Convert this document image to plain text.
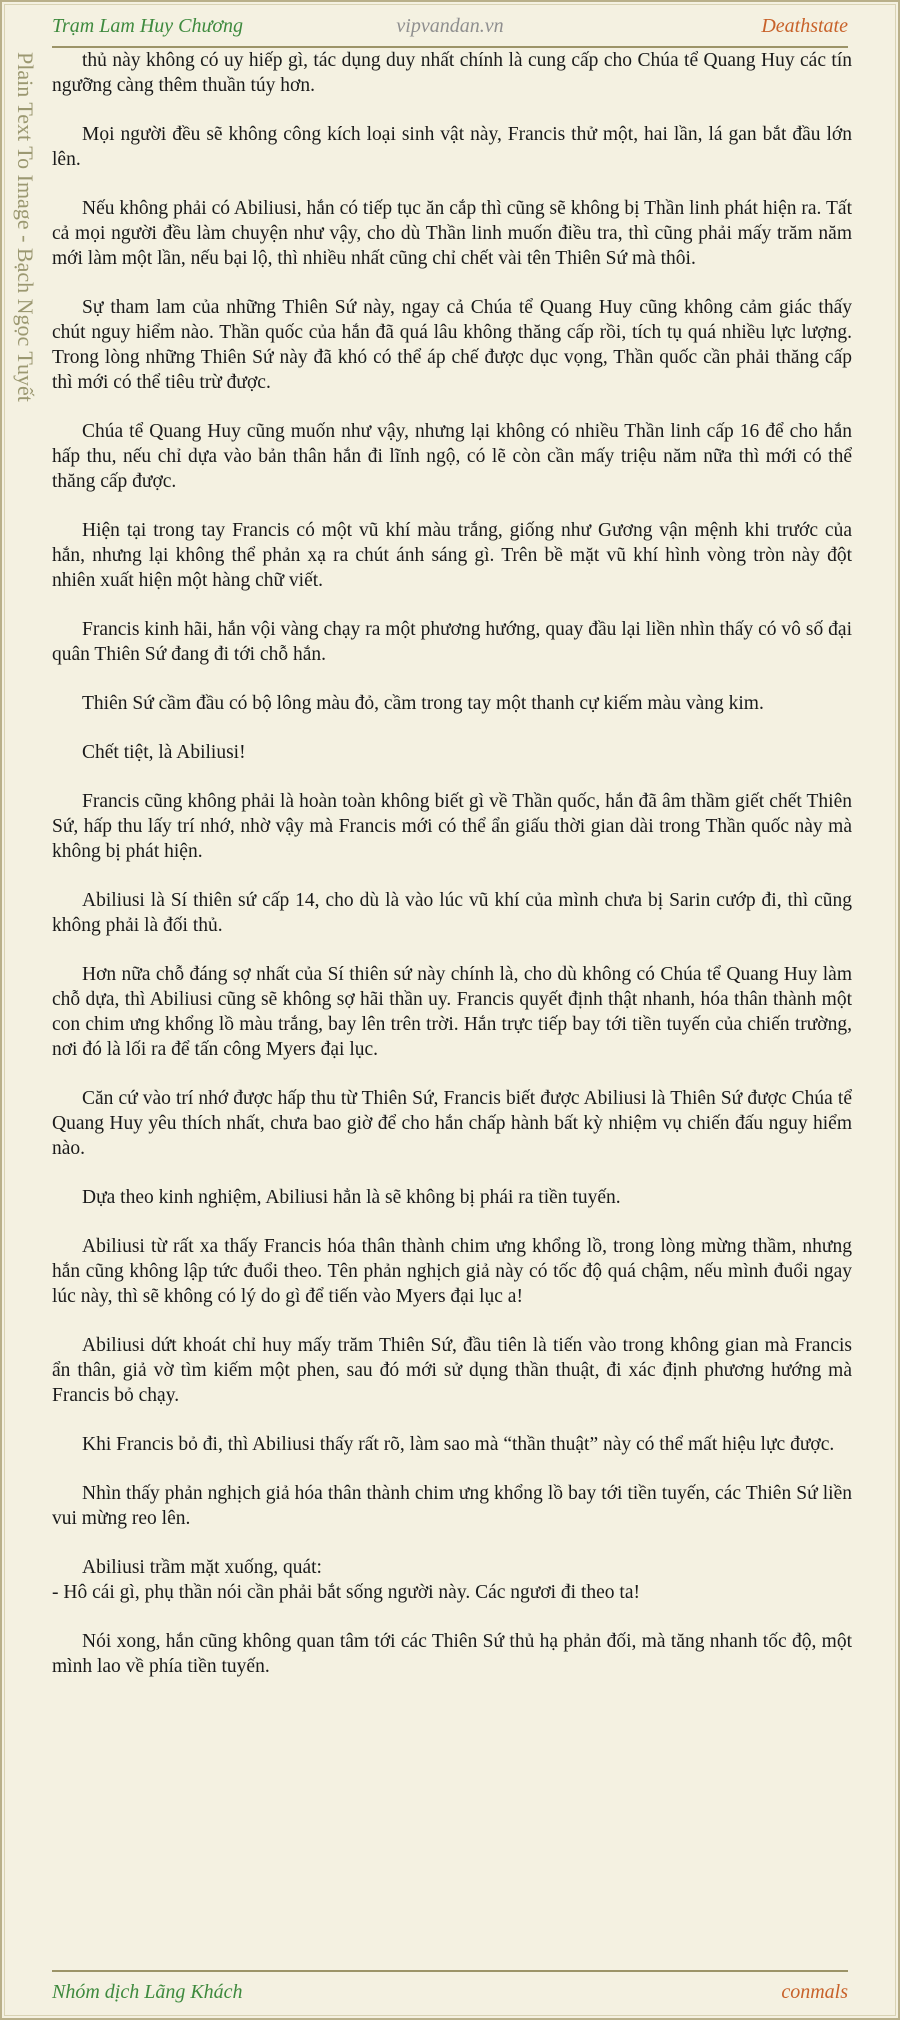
Trạm Lam Huy Chương	vipvandan.vn	Deathstate
Plain Text To Image - Bạch Ngọc Tuyết	thủ này không có uy hiếp gì, tác dụng duy nhất chính là cung cấp cho Chúa tể Quang Huy các tín ngưỡng càng thêm thuần túy hơn.

Mọi người đều sẽ không công kích loại sinh vật này, Francis thử một, hai lần, lá gan bắt đầu lớn lên.

Nếu không phải có Abiliusi, hắn có tiếp tục ăn cắp thì cũng sẽ không bị Thần linh phát hiện ra. Tất cả mọi người đều làm chuyện như vậy, cho dù Thần linh muốn điều tra, thì cũng phải mấy trăm năm mới làm một lần, nếu bại lộ, thì nhiều nhất cũng chỉ chết vài tên Thiên Sứ mà thôi.

Sự tham lam của những Thiên Sứ này, ngay cả Chúa tể Quang Huy cũng không cảm giác thấy chút nguy hiểm nào. Thần quốc của hắn đã quá lâu không thăng cấp rồi, tích tụ quá nhiều lực lượng. Trong lòng những Thiên Sứ này đã khó có thể áp chế được dục vọng, Thần quốc cần phải thăng cấp thì mới có thể tiêu trừ được.

Chúa tể Quang Huy cũng muốn như vậy, nhưng lại không có nhiều Thần linh cấp 16 để cho hắn hấp thu, nếu chỉ dựa vào bản thân hắn đi lĩnh ngộ, có lẽ còn cần mấy triệu năm nữa thì mới có thể thăng cấp được.

Hiện tại trong tay Francis có một vũ khí màu trắng, giống như Gương vận mệnh khi trước của hắn, nhưng lại không thể phản xạ ra chút ánh sáng gì. Trên bề mặt vũ khí hình vòng tròn này đột nhiên xuất hiện một hàng chữ viết.

Francis kinh hãi, hắn vội vàng chạy ra một phương hướng, quay đầu lại liền nhìn thấy có vô số đại quân Thiên Sứ đang đi tới chỗ hắn.

Thiên Sứ cầm đầu có bộ lông màu đỏ, cầm trong tay một thanh cự kiếm màu vàng kim.

Chết tiệt, là Abiliusi!

Francis cũng không phải là hoàn toàn không biết gì về Thần quốc, hắn đã âm thầm giết chết Thiên Sứ, hấp thu lấy trí nhớ, nhờ vậy mà Francis mới có thể ẩn giấu thời gian dài trong Thần quốc này mà không bị phát hiện.

Abiliusi là Sí thiên sứ cấp 14, cho dù là vào lúc vũ khí của mình chưa bị Sarin cướp đi, thì cũng không phải là đối thủ.

Hơn nữa chỗ đáng sợ nhất của Sí thiên sứ này chính là, cho dù không có Chúa tể Quang Huy làm chỗ dựa, thì Abiliusi cũng sẽ không sợ hãi thần uy. Francis quyết định thật nhanh, hóa thân thành một con chim ưng khổng lồ màu trắng, bay lên trên trời. Hắn trực tiếp bay tới tiền tuyến của chiến trường, nơi đó là lối ra để tấn công Myers đại lục.

Căn cứ vào trí nhớ được hấp thu từ Thiên Sứ, Francis biết được Abiliusi là Thiên Sứ được Chúa tể Quang Huy yêu thích nhất, chưa bao giờ để cho hắn chấp hành bất kỳ nhiệm vụ chiến đấu nguy hiểm nào.

Dựa theo kinh nghiệm, Abiliusi hẳn là sẽ không bị phái ra tiền tuyến.

Abiliusi từ rất xa thấy Francis hóa thân thành chim ưng khổng lồ, trong lòng mừng thầm, nhưng hắn cũng không lập tức đuổi theo. Tên phản nghịch giả này có tốc độ quá chậm, nếu mình đuổi ngay lúc này, thì sẽ không có lý do gì để tiến vào Myers đại lục a!

Abiliusi dứt khoát chỉ huy mấy trăm Thiên Sứ, đầu tiên là tiến vào trong không gian mà Francis ẩn thân, giả vờ tìm kiếm một phen, sau đó mới sử dụng thần thuật, đi xác định phương hướng mà Francis bỏ chạy.

Khi Francis bỏ đi, thì Abiliusi thấy rất rõ, làm sao mà “thần thuật” này có thể mất hiệu lực được.

Nhìn thấy phản nghịch giả hóa thân thành chim ưng khổng lồ bay tới tiền tuyến, các Thiên Sứ liền vui mừng reo lên.

Abiliusi trầm mặt xuống, quát:

- Hô cái gì, phụ thần nói cần phải bắt sống người này. Các ngươi đi theo ta!

Nói xong, hắn cũng không quan tâm tới các Thiên Sứ thủ hạ phản đối, mà tăng nhanh tốc độ, một mình lao về phía tiền tuyến.

Nhóm dịch Lãng Khách	conmals
